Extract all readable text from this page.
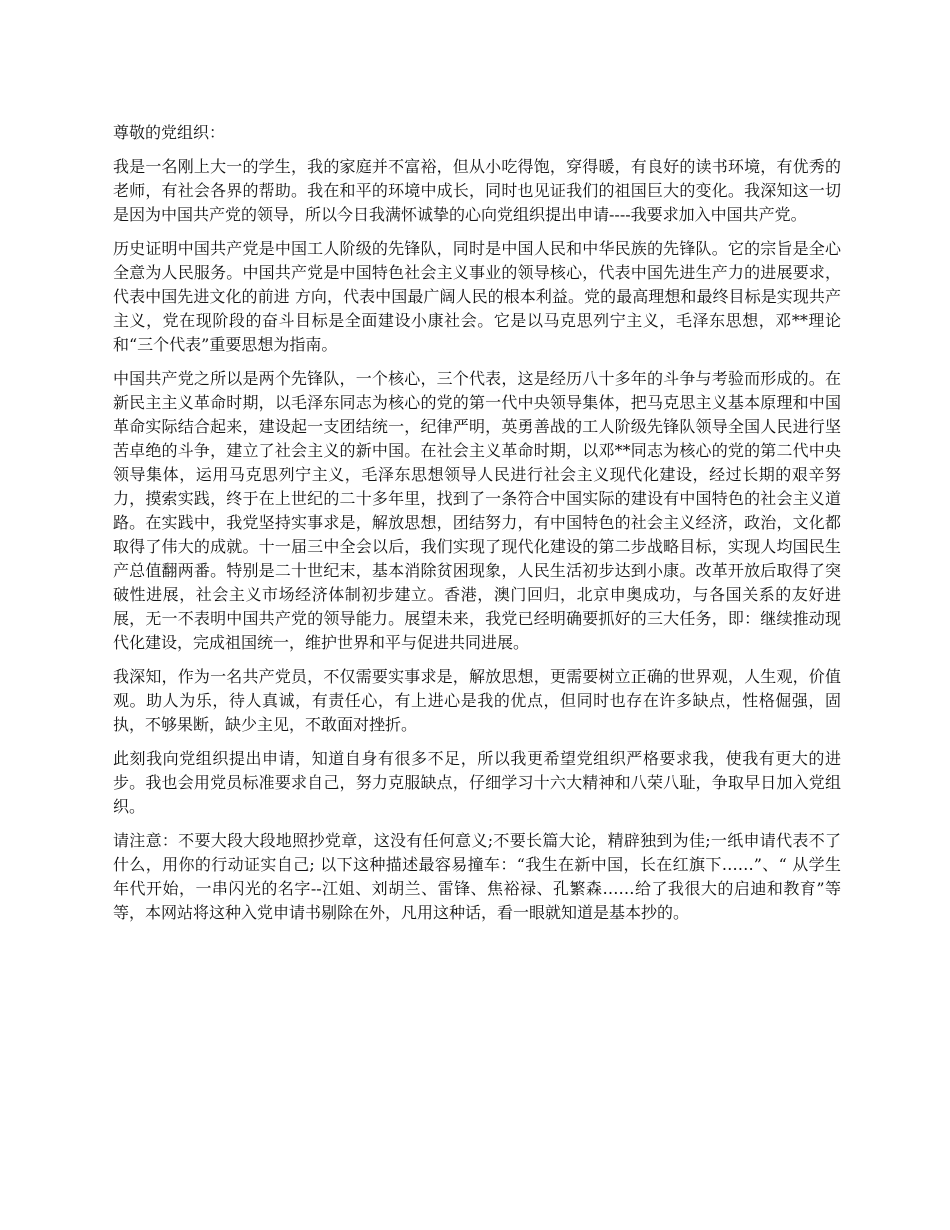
尊敬的党组织：

我是一名刚上大一的学生，我的家庭并不富裕，但从小吃得饱，穿得暖，有良好的读书环境，有优秀的老师，有社会各界的帮助。我在和平的环境中成长，同时也见证我们的祖国巨大的变化。我深知这一切是因为中国共产党的领导，所以今日我满怀诚挚的心向党组织提出申请----我要求加入中国共产党。

历史证明中国共产党是中国工人阶级的先锋队，同时是中国人民和中华民族的先锋队。它的宗旨是全心全意为人民服务。中国共产党是中国特色社会主义事业的领导核心，代表中国先进生产力的进展要求，代表中国先进文化的前进 方向，代表中国最广阔人民的根本利益。党的最高理想和最终目标是实现共产主义，党在现阶段的奋斗目标是全面建设小康社会。它是以马克思列宁主义，毛泽东思想，邓**理论和“三个代表”重要思想为指南。

中国共产党之所以是两个先锋队，一个核心，三个代表，这是经历八十多年的斗争与考验而形成的。在新民主主义革命时期，以毛泽东同志为核心的党的第一代中央领导集体，把马克思主义基本原理和中国革命实际结合起来，建设起一支团结统一，纪律严明，英勇善战的工人阶级先锋队领导全国人民进行坚苦卓绝的斗争，建立了社会主义的新中国。在社会主义革命时期，以邓**同志为核心的党的第二代中央领导集体，运用马克思列宁主义，毛泽东思想领导人民进行社会主义现代化建设，经过长期的艰辛努力，摸索实践，终于在上世纪的二十多年里，找到了一条符合中国实际的建设有中国特色的社会主义道路。在实践中，我党坚持实事求是，解放思想，团结努力，有中国特色的社会主义经济，政治，文化都取得了伟大的成就。十一届三中全会以后，我们实现了现代化建设的第二步战略目标，实现人均国民生产总值翻两番。特别是二十世纪末，基本消除贫困现象，人民生活初步达到小康。改革开放后取得了突破性进展，社会主义市场经济体制初步建立。香港，澳门回归，北京申奥成功，与各国关系的友好进展，无一不表明中国共产党的领导能力。展望未来，我党已经明确要抓好的三大任务，即：继续推动现代化建设，完成祖国统一，维护世界和平与促进共同进展。

我深知，作为一名共产党员，不仅需要实事求是，解放思想，更需要树立正确的世界观，人生观，价值观。助人为乐，待人真诚，有责任心，有上进心是我的优点，但同时也存在许多缺点，性格倔强，固执，不够果断，缺少主见，不敢面对挫折。

此刻我向党组织提出申请，知道自身有很多不足，所以我更希望党组织严格要求我，使我有更大的进步。我也会用党员标准要求自己，努力克服缺点，仔细学习十六大精神和八荣八耻，争取早日加入党组织。

请注意：不要大段大段地照抄党章，这没有任何意义;不要长篇大论，精辟独到为佳;一纸申请代表不了什么，用你的行动证实自己; 以下这种描述最容易撞车：“我生在新中国，长在红旗下……”、“ 从学生年代开始，一串闪光的名字--江姐、刘胡兰、雷锋、焦裕禄、孔繁森……给了我很大的启迪和教育”等等，本网站将这种入党申请书剔除在外，凡用这种话，看一眼就知道是基本抄的。
